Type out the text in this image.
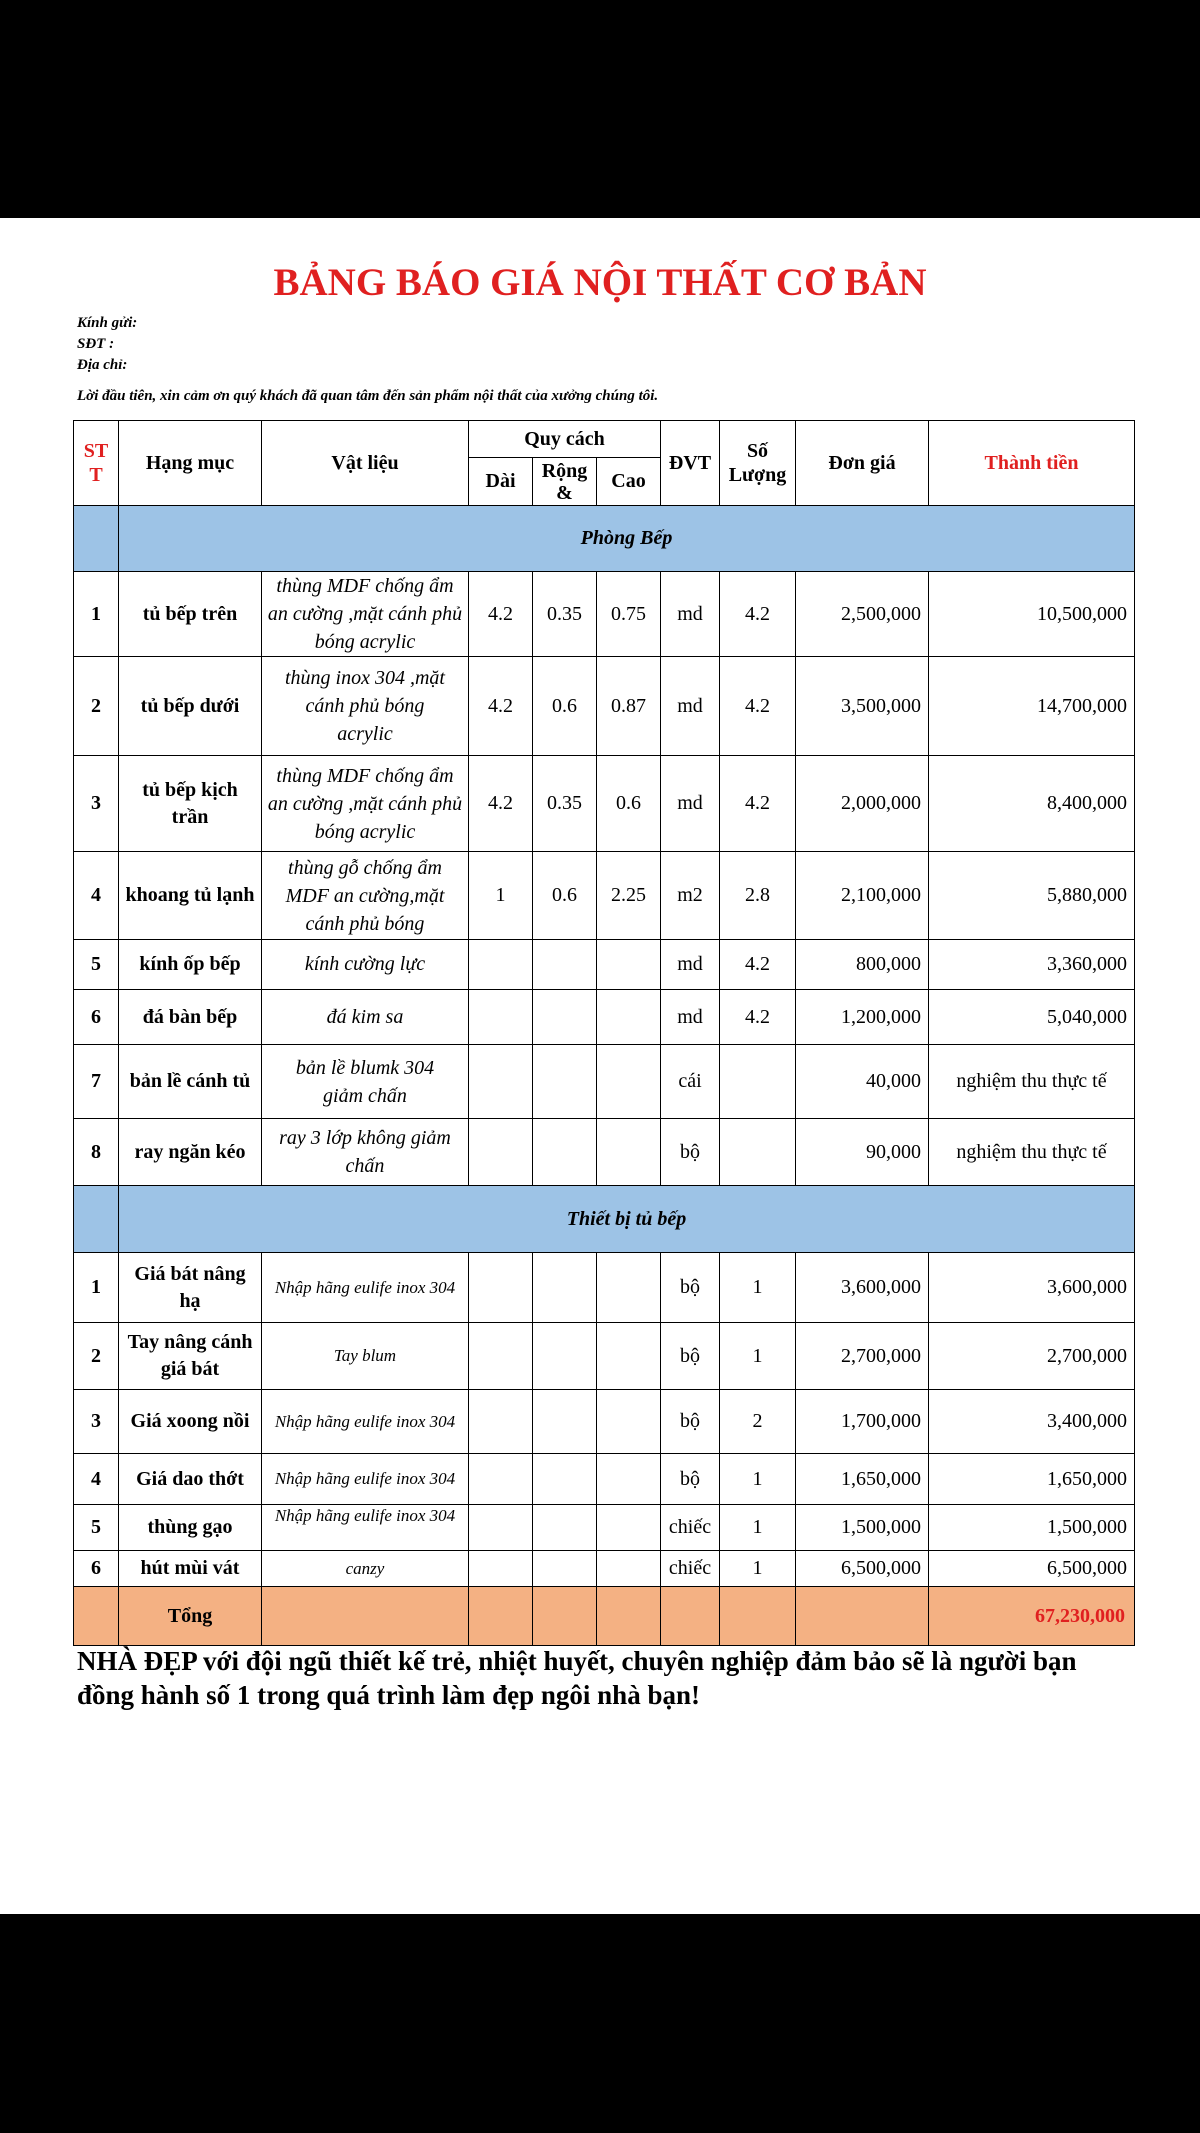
BẢNG BÁO GIÁ NỘI THẤT CƠ BẢN
Kính gửi:
SĐT :
Địa chỉ:
Lời đầu tiên, xin cảm ơn quý khách đã quan tâm đến sản phẩm nội thất của xưởng chúng tôi.
STT	Hạng mục	Vật liệu	Quy cách			ĐVT	Số Lượng	Đơn giá	Thành tiền
			Dài	Rộng &	Cao				
	Phòng Bếp								
1	tủ bếp trên	thùng MDF chống ẩm an cường ,mặt cánh phủ bóng acrylic	4.2	0.35	0.75	md	4.2	2,500,000	10,500,000
2	tủ bếp dưới	thùng inox 304 ,mặt cánh phủ bóng acrylic	4.2	0.6	0.87	md	4.2	3,500,000	14,700,000
3	tủ bếp kịch trần	thùng MDF chống ẩm an cường ,mặt cánh phủ bóng acrylic	4.2	0.35	0.6	md	4.2	2,000,000	8,400,000
4	khoang tủ lạnh	thùng gỗ chống ẩm MDF an cường,mặt cánh phủ bóng	1	0.6	2.25	m2	2.8	2,100,000	5,880,000
5	kính ốp bếp	kính cường lực				md	4.2	800,000	3,360,000
6	đá bàn bếp	đá kim sa				md	4.2	1,200,000	5,040,000
7	bản lề cánh tủ	bản lề blumk 304 giảm chấn				cái		40,000	nghiệm thu thực tế
8	ray ngăn kéo	ray 3 lớp không giảm chấn				bộ		90,000	nghiệm thu thực tế
	Thiết bị tủ bếp								
1	Giá bát nâng hạ	Nhập hãng eulife inox 304				bộ	1	3,600,000	3,600,000
2	Tay nâng cánh giá bát	Tay blum				bộ	1	2,700,000	2,700,000
3	Giá xoong nồi	Nhập hãng eulife inox 304				bộ	2	1,700,000	3,400,000
4	Giá dao thớt	Nhập hãng eulife inox 304				bộ	1	1,650,000	1,650,000
5	thùng gạo	Nhập hãng eulife inox 304				chiếc	1	1,500,000	1,500,000
6	hút mùi vát	canzy				chiếc	1	6,500,000	6,500,000
	Tổng								67,230,000
NHÀ ĐẸP với đội ngũ thiết kế trẻ, nhiệt huyết, chuyên nghiệp đảm bảo sẽ là người bạn đồng hành số 1 trong quá trình làm đẹp ngôi nhà bạn!
